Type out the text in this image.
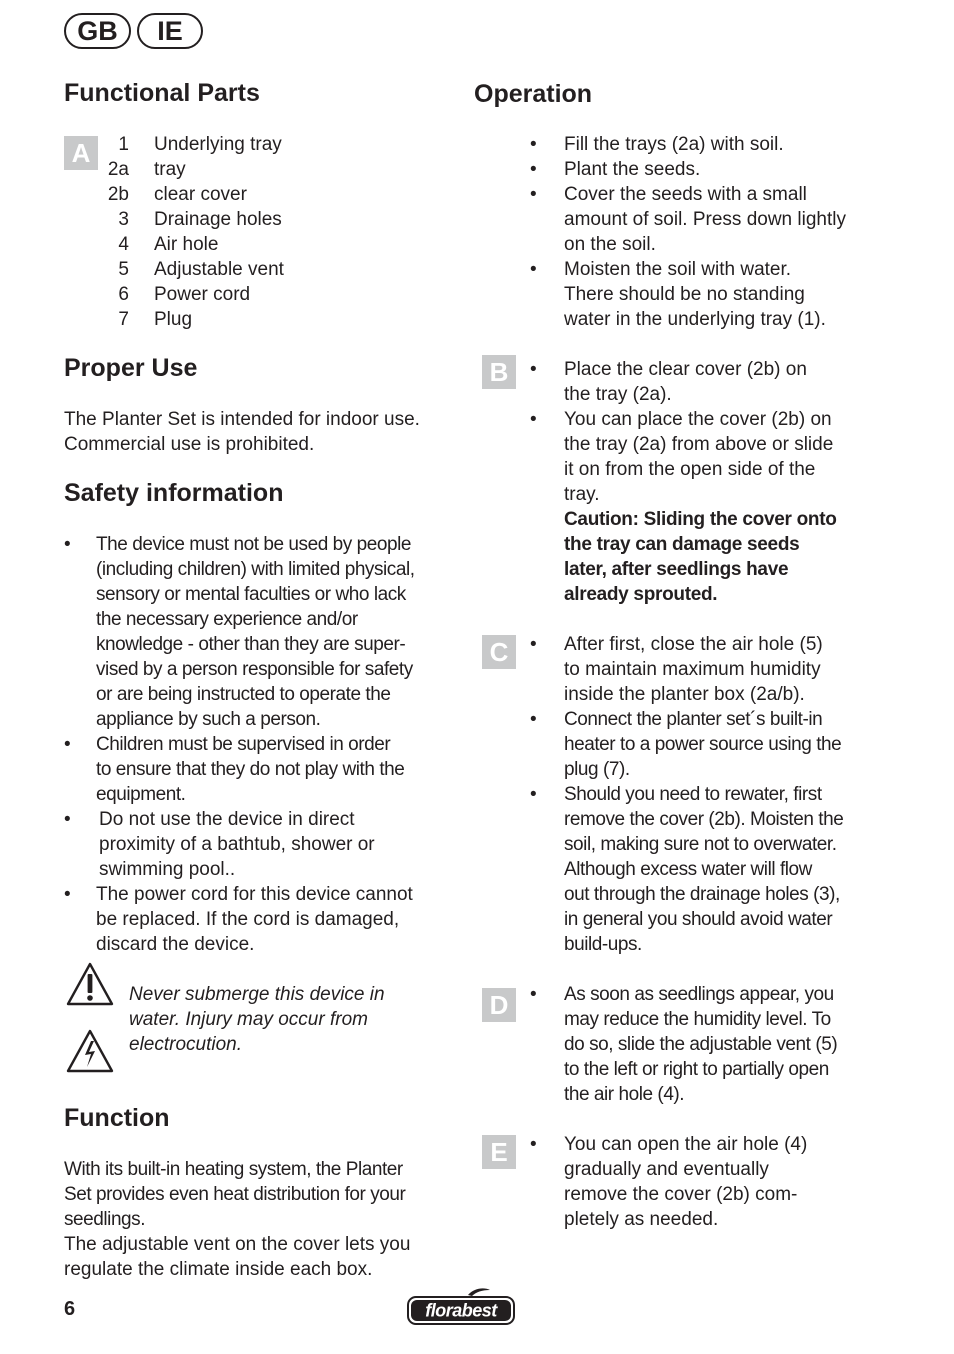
GB	IE
Functional Parts
A	1 Underlying tray
2a tray
2b clear cover
3 Drainage holes
4 Air hole
5 Adjustable vent
6 Power cord
7 Plug
Proper Use
The Planter Set is intended for indoor use.
Commercial use is prohibited.
Safety information
• The device must not be used by people
(including children) with limited physical,
sensory or mental faculties or who lack
the necessary experience and/or
knowledge - other than they are super-
vised by a person responsible for safety
or are being instructed to operate the
appliance by such a person.
• Children must be supervised in order
to ensure that they do not play with the
equipment.
• Do not use the device in direct
proximity of a bathtub, shower or
swimming pool..
• The power cord for this device cannot
be replaced. If the cord is damaged,
discard the device.
Never submerge this device in
water. Injury may occur from
electrocution.
Function
With its built-in heating system, the Planter
Set provides even heat distribution for your
seedlings.
The adjustable vent on the cover lets you
regulate the climate inside each box.
Operation
B
C
D
E
• Fill the trays (2a) with soil.
• Plant the seeds.
• Cover the seeds with a small
amount of soil. Press down lightly
on the soil.
• Moisten the soil with water.
There should be no standing
water in the underlying tray (1).
• Place the clear cover (2b) on
the tray (2a).
• You can place the cover (2b) on
the tray (2a) from above or slide
it on from the open side of the
tray.
Caution: Sliding the cover onto
the tray can damage seeds
later, after seedlings have
already sprouted.
• After first, close the air hole (5)
to maintain maximum humidity
inside the planter box (2a/b).
• Connect the planter set´s built-in
heater to a power source using the
plug (7).
• Should you need to rewater, first
remove the cover (2b). Moisten the
soil, making sure not to overwater.
Although excess water will flow
out through the drainage holes (3),
in general you should avoid water
build-ups.
• As soon as seedlings appear, you
may reduce the humidity level. To
do so, slide the adjustable vent (5)
to the left or right to partially open
the air hole (4).
• You can open the air hole (4)
gradually and eventually
remove the cover (2b) com-
pletely as needed.
6	florabest
